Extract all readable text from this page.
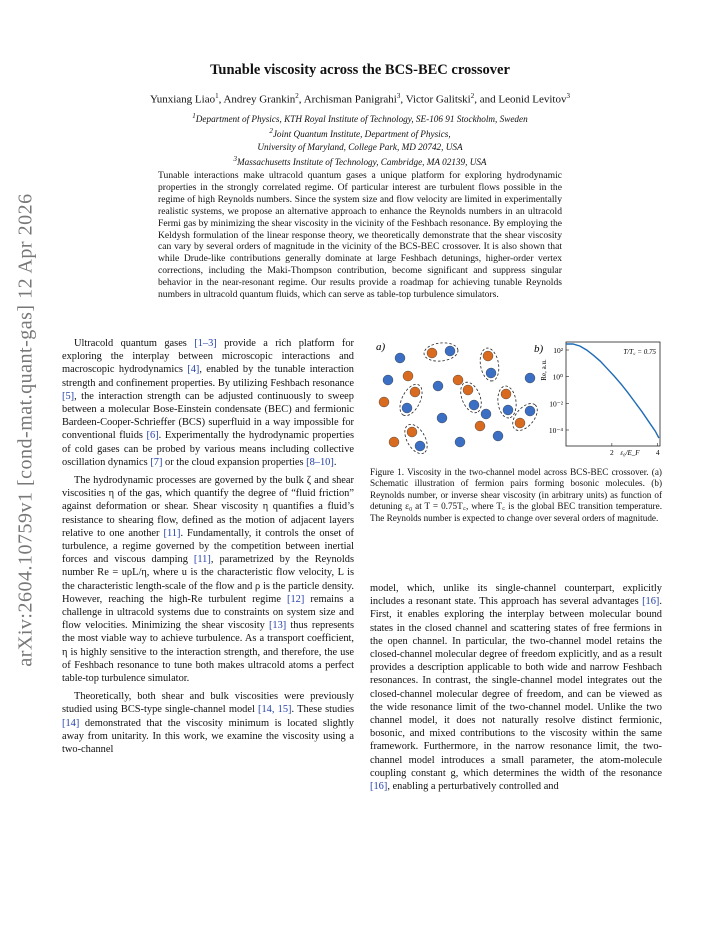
arXiv:2604.10759v1 [cond-mat.quant-gas] 12 Apr 2026
Tunable viscosity across the BCS-BEC crossover
Yunxiang Liao$^1$, Andrey Grankin$^2$, Archisman Panigrahi$^3$, Victor Galitski$^2$, and Leonid Levitov$^3$
$^1$Department of Physics, KTH Royal Institute of Technology, SE-106 91 Stockholm, Sweden
$^2$Joint Quantum Institute, Department of Physics,
University of Maryland, College Park, MD 20742, USA
$^3$Massachusetts Institute of Technology, Cambridge, MA 02139, USA
Tunable interactions make ultracold quantum gases a unique platform for exploring hydrodynamic properties in the strongly correlated regime. Of particular interest are turbulent flows possible in the regime of high Reynolds numbers. Since the system size and flow velocity are limited in experimentally realistic systems, we propose an alternative approach to enhance the Reynolds numbers in an ultracold Fermi gas by minimizing the shear viscosity in the vicinity of the Feshbach resonance. By employing the Keldysh formulation of the linear response theory, we theoretically demonstrate that the shear viscosity can vary by several orders of magnitude in the vicinity of the BCS-BEC crossover. It is also shown that while Drude-like contributions generally dominate at large Feshbach detunings, higher-order vertex corrections, including the Maki-Thompson contribution, become significant and suppress singular behavior in the near-resonant regime. Our results provide a roadmap for achieving tunable Reynolds numbers in ultracold quantum fluids, which can serve as table-top turbulence simulators.

Ultracold quantum gases [1–3] provide a rich platform for exploring the interplay between microscopic interactions and macroscopic hydrodynamics [4], enabled by the tunable interaction strength and confinement properties. By utilizing Feshbach resonance [5], the interaction strength can be adjusted continuously to sweep between a molecular Bose-Einstein condensate (BEC) and fermionic Bardeen-Cooper-Schrieffer (BCS) superfluid in a way impossible for conventional fluids [6]. Experimentally the hydrodynamic properties of cold gases can be probed by various means including collective oscillation dynamics [7] or the cloud expansion properties [8–10].

The hydrodynamic processes are governed by the bulk ζ and shear viscosities η of the gas, which quantify the degree of “fluid friction” against deformation or shear. Shear viscosity η quantifies a fluid’s resistance to shearing flow, defined as the motion of adjacent layers relative to one another [11]. Fundamentally, it controls the onset of turbulence, a regime governed by the competition between inertial forces and viscous damping [11], parametrized by the Reynolds number Re = uρL/η, where u is the characteristic flow velocity, L is the characteristic length-scale of the flow and ρ is the particle density. However, reaching the high-Re turbulent regime [12] remains a challenge in ultracold systems due to constraints on system size and flow velocities. Minimizing the shear viscosity [13] thus represents the most viable way to achieve turbulence. As a transport coefficient, η is highly sensitive to the interaction strength, and therefore, the use of Feshbach resonance to tune both makes ultracold atoms a perfect table-top turbulence simulator.

Theoretically, both shear and bulk viscosities were previously studied using BCS-type single-channel model [14, 15]. These studies [14] demonstrated that the viscosity minimum is located slightly away from unitarity. In this work, we examine the viscosity using a two-channel

a)	b) 10²
10⁰
10⁻²
10⁻⁴
2	4
ε₀/E_F
Re, a.u.
T/T꜀ = 0.75
Figure 1. Viscosity in the two-channel model across BCS-BEC crossover. (a) Schematic illustration of fermion pairs forming bosonic molecules. (b) Reynolds number, or inverse shear viscosity (in arbitrary units) as function of detuning ε₀ at T = 0.75T꜀, where T꜀ is the global BEC transition temperature. The Reynolds number is expected to change over several orders of magnitude.

model, which, unlike its single-channel counterpart, explicitly includes a resonant state. This approach has several advantages [16]. First, it enables exploring the interplay between molecular bound states in the closed channel and scattering states of free fermions in the open channel. In particular, the two-channel model retains the closed-channel molecular degree of freedom explicitly, and as a result provides a description applicable to both wide and narrow Feshbach resonances. In contrast, the single-channel model integrates out the closed-channel molecular degree of freedom, and can be viewed as the wide resonance limit of the two-channel model. Unlike the two channel model, it does not naturally resolve distinct fermionic, bosonic, and mixed contributions to the viscosity within the same framework. Furthermore, in the narrow resonance limit, the two-channel model introduces a small parameter, the atom-molecule coupling constant g, which determines the width of the resonance [16], enabling a perturbatively controlled and
